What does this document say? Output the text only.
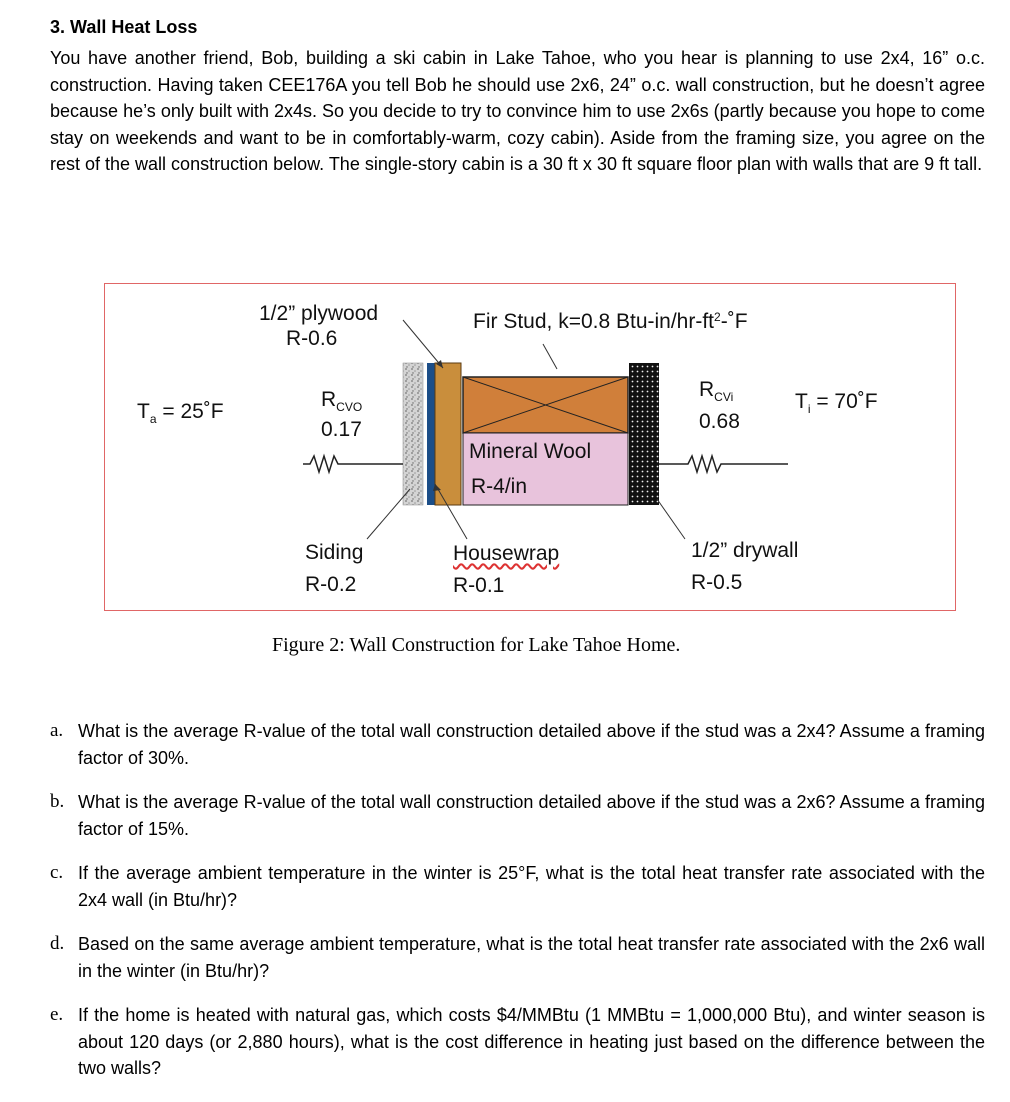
3. Wall Heat Loss

You have another friend, Bob, building a ski cabin in Lake Tahoe, who you hear is planning to use 2x4, 16” o.c. construction. Having taken CEE176A you tell Bob he should use 2x6, 24” o.c. wall construction, but he doesn’t agree because he’s only built with 2x4s. So you decide to try to convince him to use 2x6s (partly because you hope to come stay on weekends and want to be in comfortably-warm, cozy cabin). Aside from the framing size, you agree on the rest of the wall construction below. The single-story cabin is a 30 ft x 30 ft square floor plan with walls that are 9 ft tall.

1/2” plywood
R-0.6
Fir Stud, k=0.8 Btu-$in/hr-ft^2-˚F$
$T_a$ = 25˚F
$R_{CVO}$
0.17
Mineral Wool
R-4/in
$R_{CVi}$
0.68
$T_i$ = 70˚F
Siding
R-0.2
Housewrap
R-0.1
1/2” drywall
R-0.5
Figure 2: Wall Construction for Lake Tahoe Home.
a. What is the average R-value of the total wall construction detailed above if the stud was a 2x4? Assume a framing factor of 30%.
b. What is the average R-value of the total wall construction detailed above if the stud was a 2x6? Assume a framing factor of 15%.
c. If the average ambient temperature in the winter is 25°F, what is the total heat transfer rate associated with the 2x4 wall (in Btu/hr)?
d. Based on the same average ambient temperature, what is the total heat transfer rate associated with the 2x6 wall in the winter (in Btu/hr)?
e. If the home is heated with natural gas, which costs $4/MMBtu (1 MMBtu = 1,000,000 Btu), and winter season is about 120 days (or 2,880 hours), what is the cost difference in heating just based on the difference between the two walls?
